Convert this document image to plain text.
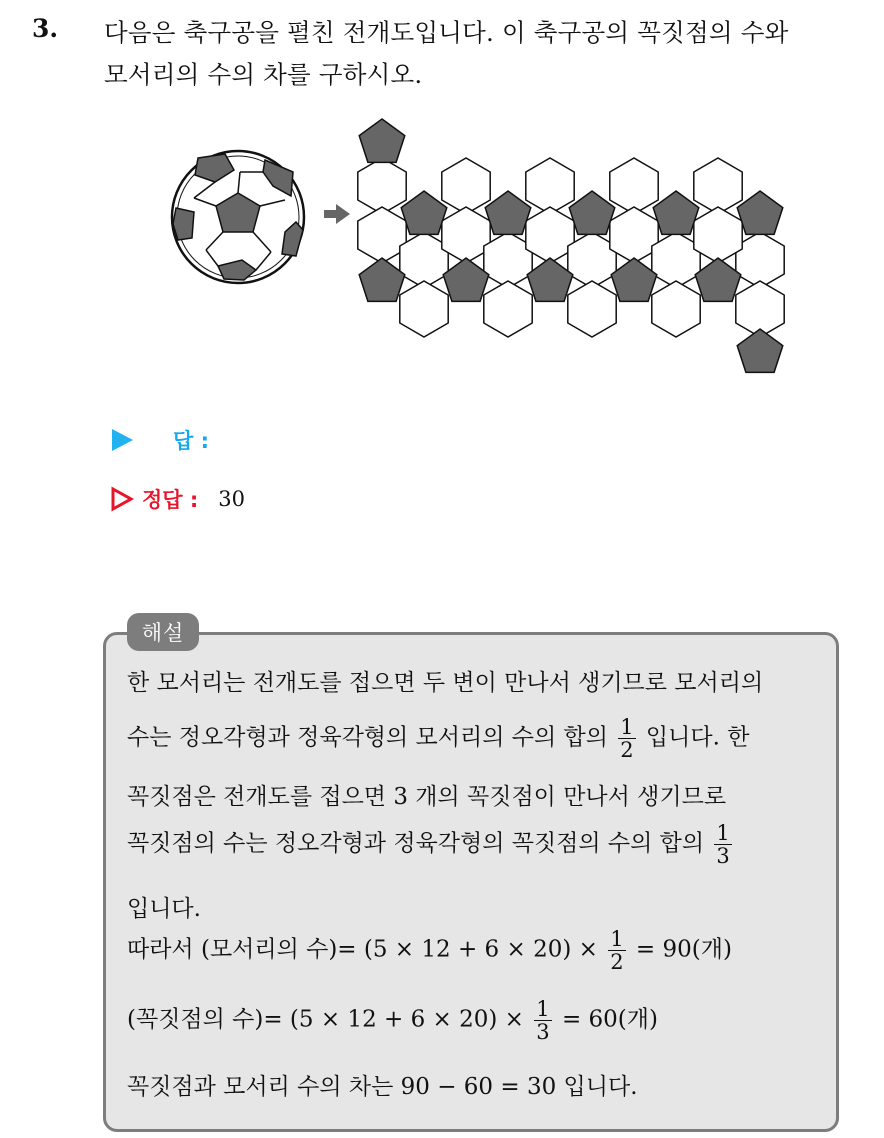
3. 다음은 축구공을 펼친 전개도입니다. 이 축구공의 꼭짓점의 수와
모서리의 수의 차를 구하시오.
답 :
정답 : 30
해설
한 모서리는 전개도를 접으면 두 변이 만나서 생기므로 모서리의
수는 정오각형과 정육각형의 모서리의 수의 합의 $\frac{1}{2}$ 입니다. 한
꼭짓점은 전개도를 접으면 3 개의 꼭짓점이 만나서 생기므로
꼭짓점의 수는 정오각형과 정육각형의 꼭짓점의 수의 합의 $\frac{1}{3}$
입니다.
따라서 (모서리의 수)= $(5 \times 12 + 6 \times 20) \times \frac{1}{2} = 90$(개)
(꼭짓점의 수)= $(5 \times 12 + 6 \times 20) \times \frac{1}{3} = 60$(개)
꼭짓점과 모서리 수의 차는 90 − 60 = 30 입니다.
